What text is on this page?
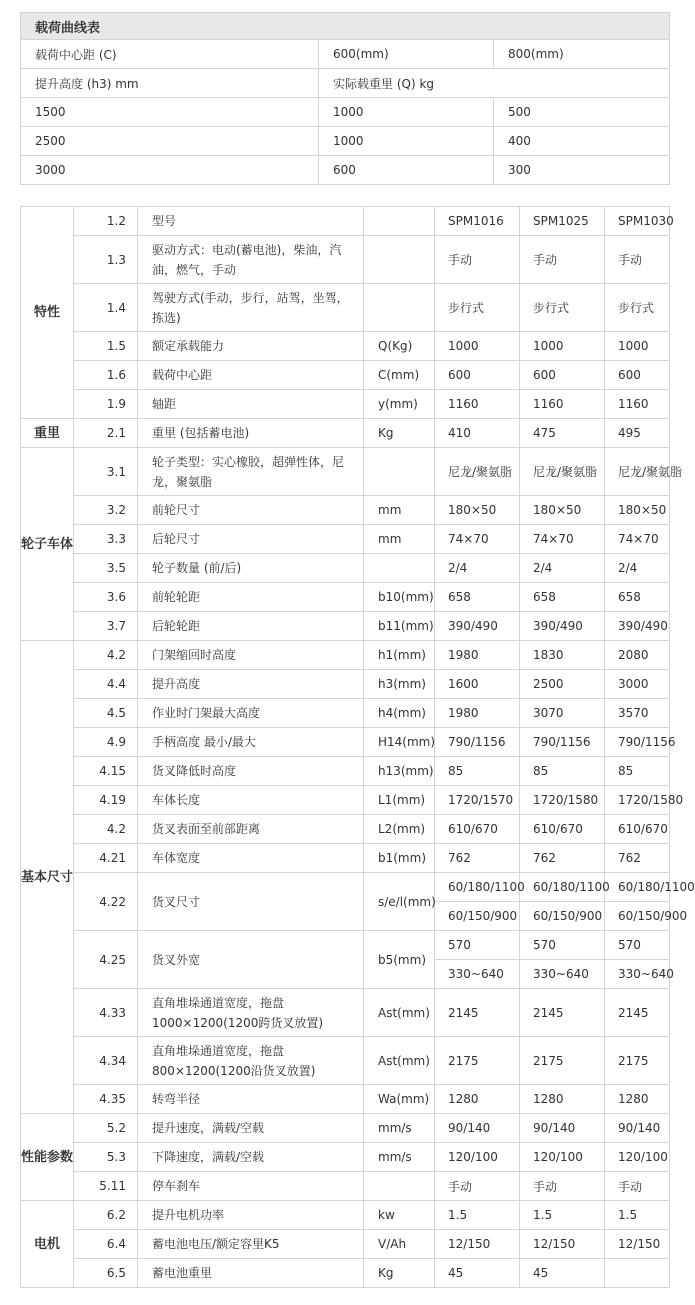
载荷曲线表		
载荷中心距 (C)	600(mm)	800(mm)
提升高度 (h3) mm	实际载重里 (Q) kg	
1500	1000	500
2500	1000	400
3000	600	300
特性	1.2	型号		SPM1016	SPM1025	SPM1030
	1.3	驱动方式：电动(蓄电池)，柴油，汽油，燃气，手动		手动	手动	手动
	1.4	驾驶方式(手动，步行，站驾，坐驾，拣选)		步行式	步行式	步行式
	1.5	额定承载能力	Q(Kg)	1000	1000	1000
	1.6	载荷中心距	C(mm)	600	600	600
	1.9	轴距	y(mm)	1160	1160	1160
重里	2.1	重里 (包括蓄电池)	Kg	410	475	495
轮子车体	3.1	轮子类型：实心橡胶，超弹性体，尼龙，聚氨脂		尼龙/聚氨脂	尼龙/聚氨脂	尼龙/聚氨脂
	3.2	前轮尺寸	mm	180×50	180×50	180×50
	3.3	后轮尺寸	mm	74×70	74×70	74×70
	3.5	轮子数量 (前/后)		2/4	2/4	2/4
	3.6	前轮轮距	b10(mm)	658	658	658
	3.7	后轮轮距	b11(mm)	390/490	390/490	390/490
基本尺寸	4.2	门架缩回时高度	h1(mm)	1980	1830	2080
	4.4	提升高度	h3(mm)	1600	2500	3000
	4.5	作业时门架最大高度	h4(mm)	1980	3070	3570
	4.9	手柄高度 最小/最大	H14(mm)	790/1156	790/1156	790/1156
	4.15	货叉降低时高度	h13(mm)	85	85	85
	4.19	车体长度	L1(mm)	1720/1570	1720/1580	1720/1580
	4.2	货叉表面至前部距离	L2(mm)	610/670	610/670	610/670
	4.21	车体宽度	b1(mm)	762	762	762
	4.22	货叉尺寸	s/e/l(mm)	60/180/1100	60/180/1100	60/180/1100
				60/150/900	60/150/900	60/150/900
	4.25	货叉外宽	b5(mm)	570	570	570
				330~640	330~640	330~640
	4.33	直角堆垛通道宽度，拖盘1000×1200(1200跨货叉放置)	Ast(mm)	2145	2145	2145
	4.34	直角堆垛通道宽度，拖盘800×1200(1200沿货叉放置)	Ast(mm)	2175	2175	2175
	4.35	转弯半径	Wa(mm)	1280	1280	1280
性能参数	5.2	提升速度，满载/空载	mm/s	90/140	90/140	90/140
	5.3	下降速度，满载/空载	mm/s	120/100	120/100	120/100
	5.11	停车刹车		手动	手动	手动
电机	6.2	提升电机功率	kw	1.5	1.5	1.5
	6.4	蓄电池电压/额定容里K5	V/Ah	12/150	12/150	12/150
	6.5	蓄电池重里	Kg	45	45	
